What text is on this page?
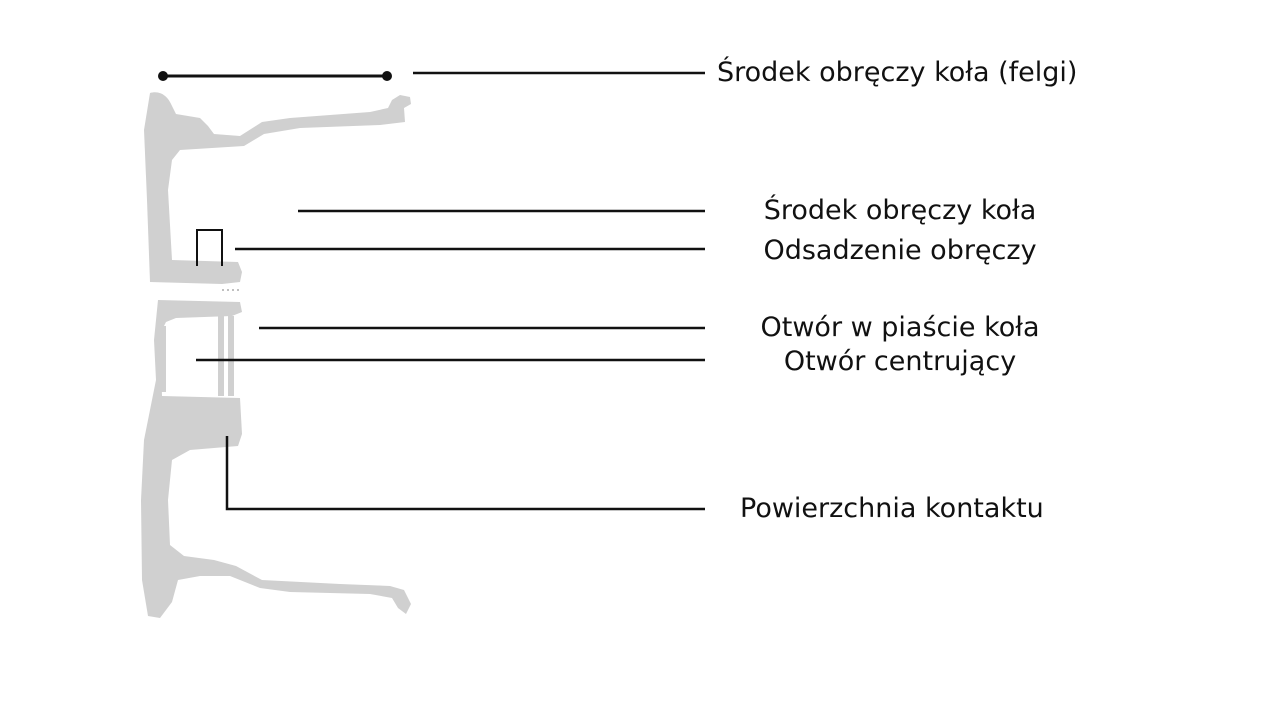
Środek obręczy koła (felgi)
Środek obręczy koła
Odsadzenie obręczy
Otwór w piaście koła
Otwór centrujący
Powierzchnia kontaktu
